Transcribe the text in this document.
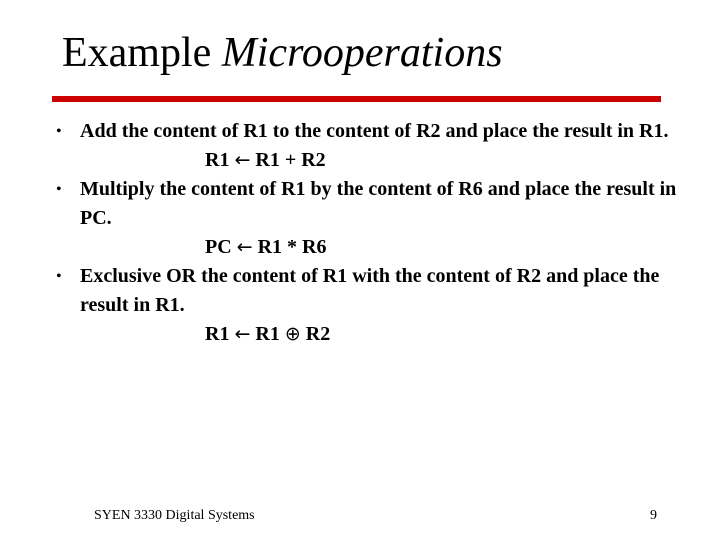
Example Microoperations
• Add the content of R1 to the content of R2 and place the result in R1.
R1 ← R1 + R2
• Multiply the content of R1 by the content of R6 and place the result in PC.
PC ← R1 * R6
• Exclusive OR the content of R1 with the content of R2 and place the result in R1.
R1 ← R1 ⊕ R2
SYEN 3330 Digital Systems	9
